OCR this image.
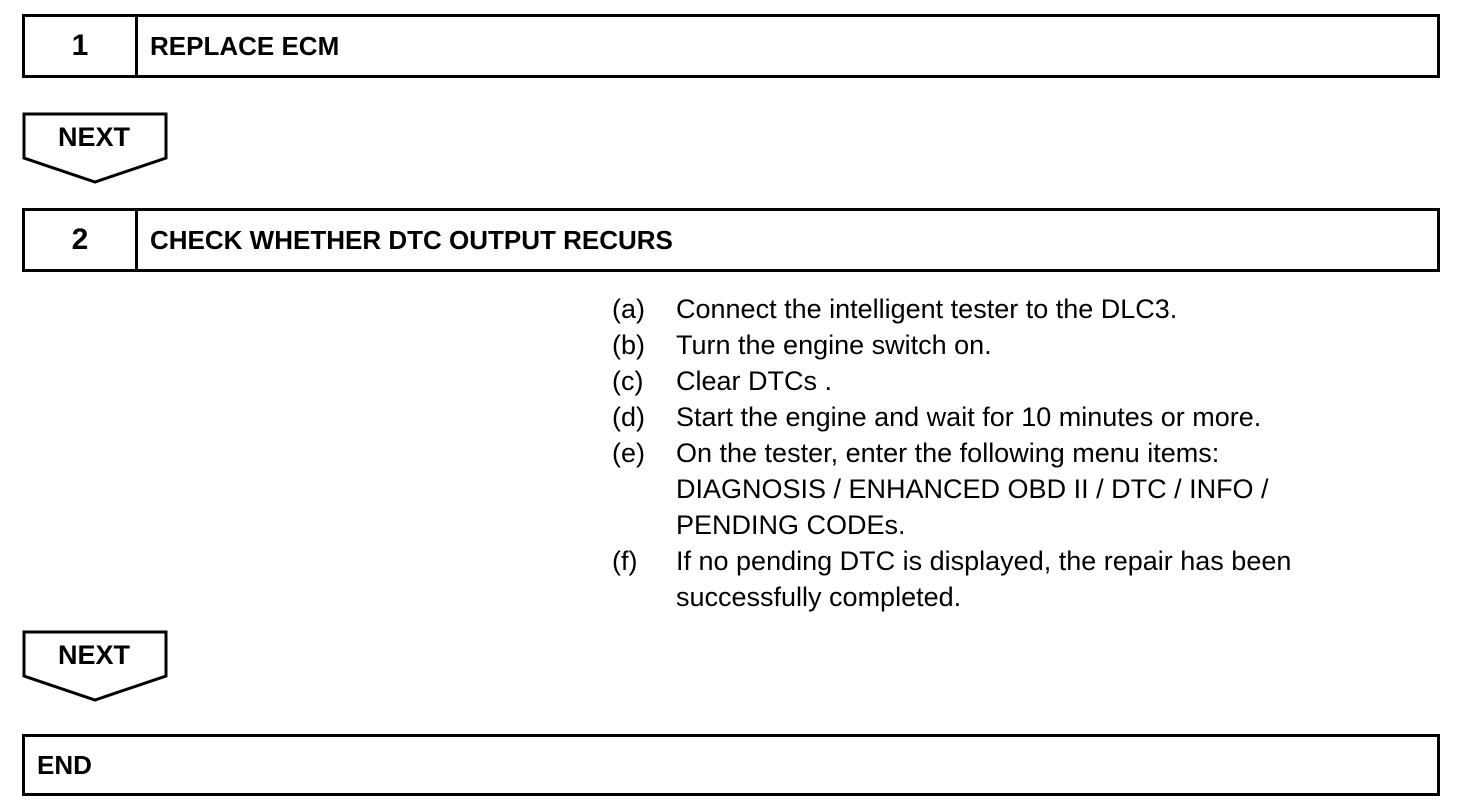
1	REPLACE ECM
NEXT
2	CHECK WHETHER DTC OUTPUT RECURS
(a)	Connect the intelligent tester to the DLC3.
(b)	Turn the engine switch on.
(c)	Clear DTCs .
(d)	Start the engine and wait for 10 minutes or more.
(e)	On the tester, enter the following menu items:
DIAGNOSIS / ENHANCED OBD II / DTC / INFO /
PENDING CODEs.
(f)	If no pending DTC is displayed, the repair has been
successfully completed.
NEXT
END
